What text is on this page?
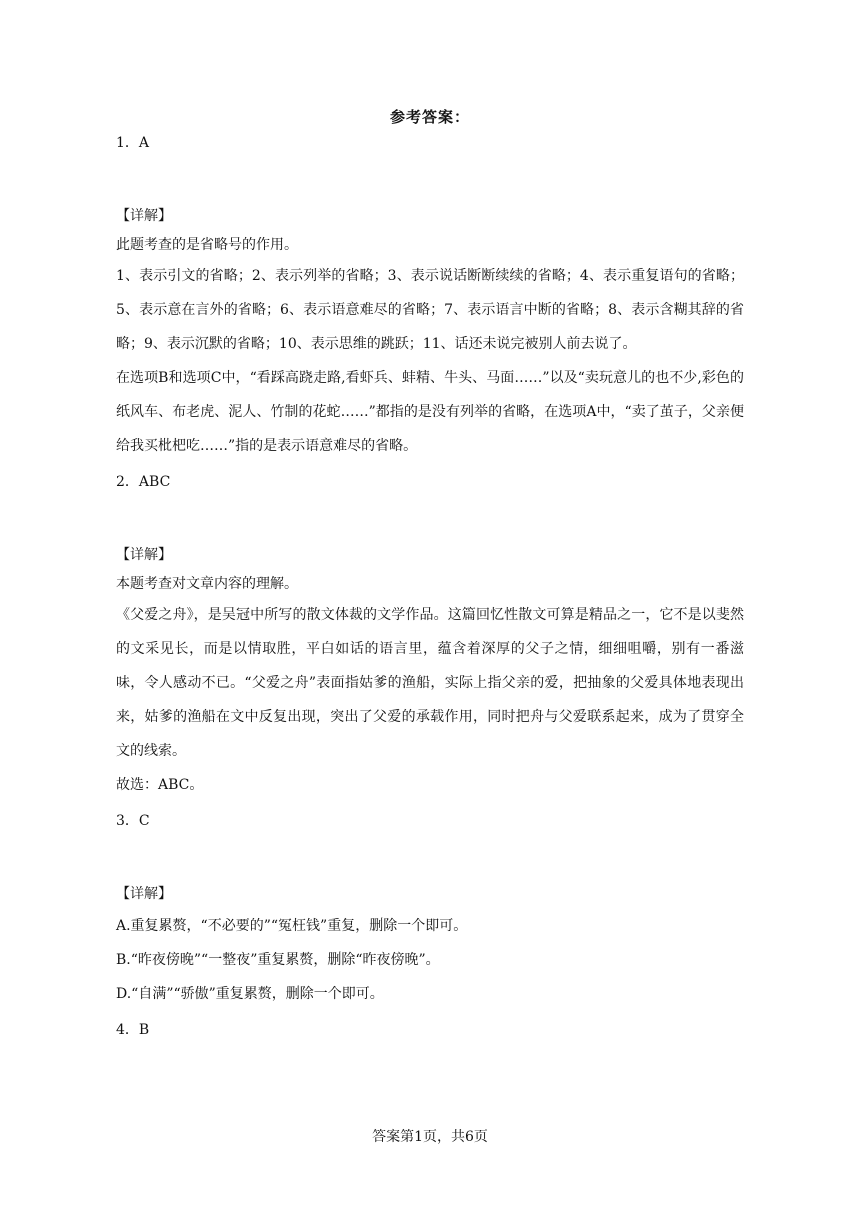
参考答案：

1．A

【详解】

此题考查的是省略号的作用。

1、表示引文的省略；2、表示列举的省略；3、表示说话断断续续的省略；4、表示重复语句的省略；5、表示意在言外的省略；6、表示语意难尽的省略；7、表示语言中断的省略；8、表示含糊其辞的省略；9、表示沉默的省略；10、表示思维的跳跃；11、话还未说完被别人前去说了。

在选项B和选项C中，“看踩高跷走路,看虾兵、蚌精、牛头、马面……”以及“卖玩意儿的也不少,彩色的纸风车、布老虎、泥人、竹制的花蛇……”都指的是没有列举的省略，在选项A中，“卖了茧子，父亲便给我买枇杷吃……”指的是表示语意难尽的省略。

2．ABC

【详解】

本题考查对文章内容的理解。

《父爱之舟》，是吴冠中所写的散文体裁的文学作品。这篇回忆性散文可算是精品之一，它不是以斐然的文采见长，而是以情取胜，平白如话的语言里，蕴含着深厚的父子之情，细细咀嚼，别有一番滋味，令人感动不已。“父爱之舟”表面指姑爹的渔船，实际上指父亲的爱，把抽象的父爱具体地表现出来，姑爹的渔船在文中反复出现，突出了父爱的承载作用，同时把舟与父爱联系起来，成为了贯穿全文的线索。

故选：ABC。

3．C

【详解】

A.重复累赘，“不必要的”“冤枉钱”重复，删除一个即可。

B.“昨夜傍晚”“一整夜”重复累赘，删除“昨夜傍晚”。

D.“自满”“骄傲”重复累赘，删除一个即可。

4．B

答案第1页，共6页
